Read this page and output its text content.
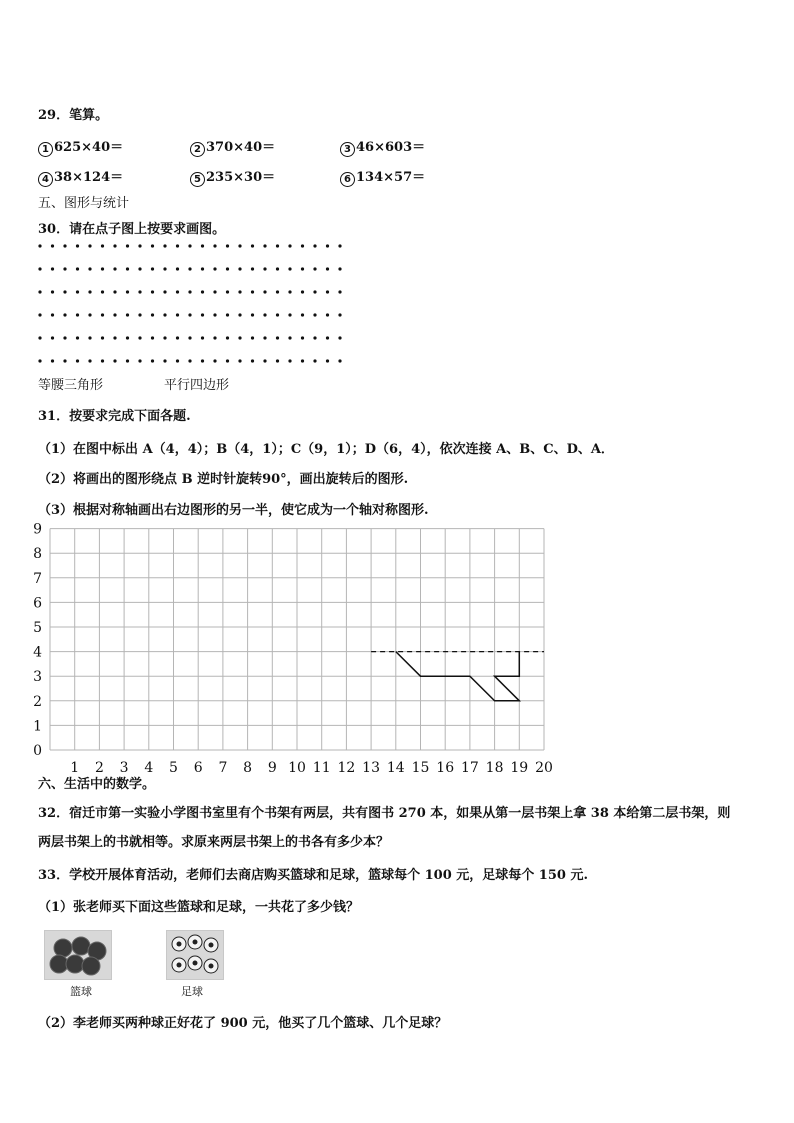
29．笔算。
1 625×40＝	2 370×40＝	3 46×603＝
4 38×124＝	5 235×30＝	6 134×57＝
五、图形与统计
30．请在点子图上按要求画图。
等腰三角形	平行四边形
31．按要求完成下面各题.
（1）在图中标出 A（4，4）；B（4，1）；C（9，1）；D（6，4），依次连接 A、B、C、D、A．
（2）将画出的图形绕点 B 逆时针旋转90°，画出旋转后的图形.
（3）根据对称轴画出右边图形的另一半，使它成为一个轴对称图形.
0
1
2
3
4
5
6
7
8
9
1 2 3 4 5 6 7 8 9 10 11 12 13 14 15 16 17 18 19 20
六、生活中的数学。
32．宿迁市第一实验小学图书室里有个书架有两层，共有图书 270 本，如果从第一层书架上拿 38 本给第二层书架，则
两层书架上的书就相等。求原来两层书架上的书各有多少本？
33．学校开展体育活动，老师们去商店购买篮球和足球，篮球每个 100 元，足球每个 150 元.
（1）张老师买下面这些篮球和足球，一共花了多少钱？
篮球	足球
（2）李老师买两种球正好花了 900 元，他买了几个篮球、几个足球？
